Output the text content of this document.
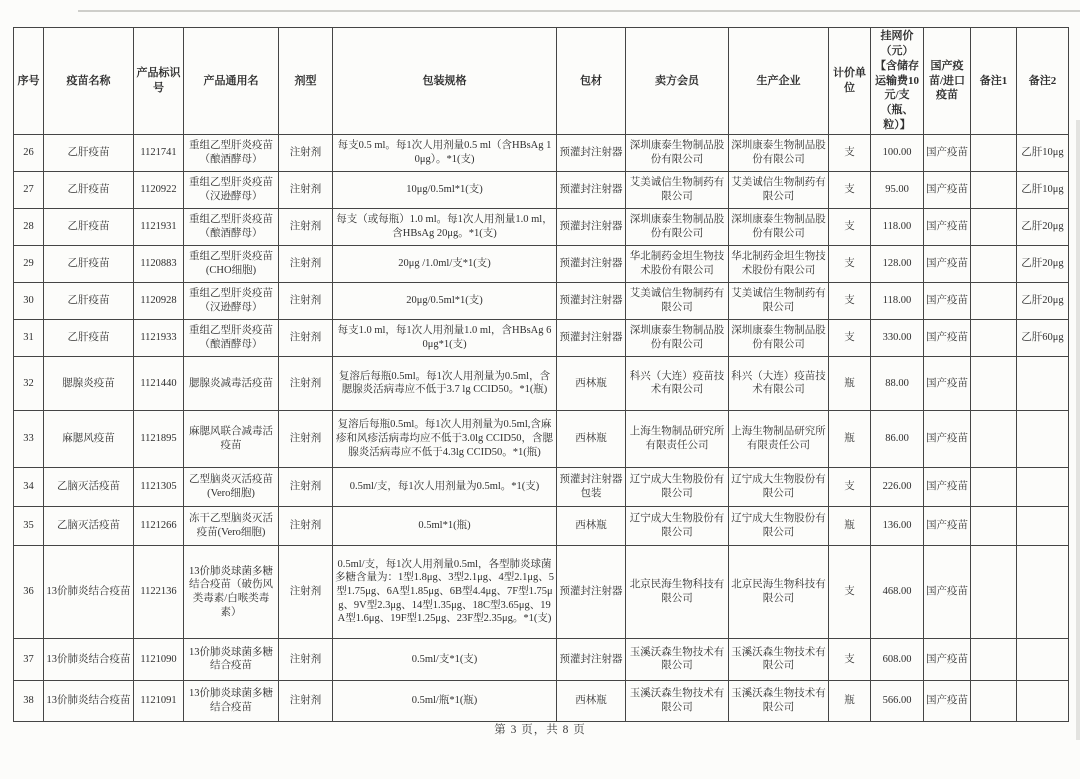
序号	疫苗名称	产品标识号	产品通用名	剂型	包装规格	包材	卖方会员	生产企业	计价单位	挂网价（元）【含储存运输费10元/支（瓶、粒）】	国产疫苗/进口疫苗	备注1	备注2
26	乙肝疫苗	1121741	重组乙型肝炎疫苗（酿酒酵母）	注射剂	每支0.5 ml。每1次人用剂量0.5 ml（含HBsAg 10μg）。*1(支)	预灌封注射器	深圳康泰生物制品股份有限公司	深圳康泰生物制品股份有限公司	支	100.00	国产疫苗		乙肝10μg
27	乙肝疫苗	1120922	重组乙型肝炎疫苗（汉逊酵母）	注射剂	10μg/0.5ml*1(支)	预灌封注射器	艾美诚信生物制药有限公司	艾美诚信生物制药有限公司	支	95.00	国产疫苗		乙肝10μg
28	乙肝疫苗	1121931	重组乙型肝炎疫苗（酿酒酵母）	注射剂	每支（或每瓶）1.0 ml。每1次人用剂量1.0 ml，含HBsAg 20μg。*1(支)	预灌封注射器	深圳康泰生物制品股份有限公司	深圳康泰生物制品股份有限公司	支	118.00	国产疫苗		乙肝20μg
29	乙肝疫苗	1120883	重组乙型肝炎疫苗(CHO细胞)	注射剂	20μg /1.0ml/支*1(支)	预灌封注射器	华北制药金坦生物技术股份有限公司	华北制药金坦生物技术股份有限公司	支	128.00	国产疫苗		乙肝20μg
30	乙肝疫苗	1120928	重组乙型肝炎疫苗（汉逊酵母）	注射剂	20μg/0.5ml*1(支)	预灌封注射器	艾美诚信生物制药有限公司	艾美诚信生物制药有限公司	支	118.00	国产疫苗		乙肝20μg
31	乙肝疫苗	1121933	重组乙型肝炎疫苗（酿酒酵母）	注射剂	每支1.0 ml，每1次人用剂量1.0 ml，含HBsAg 60μg*1(支)	预灌封注射器	深圳康泰生物制品股份有限公司	深圳康泰生物制品股份有限公司	支	330.00	国产疫苗		乙肝60μg
32	腮腺炎疫苗	1121440	腮腺炎减毒活疫苗	注射剂	复溶后每瓶0.5ml。每1次人用剂量为0.5ml，含腮腺炎活病毒应不低于3.7 lg CCID50。*1(瓶)	西林瓶	科兴（大连）疫苗技术有限公司	科兴（大连）疫苗技术有限公司	瓶	88.00	国产疫苗		
33	麻腮风疫苗	1121895	麻腮风联合减毒活疫苗	注射剂	复溶后每瓶0.5ml。每1次人用剂量为0.5ml,含麻疹和风疹活病毒均应不低于3.0lg CCID50，含腮腺炎活病毒应不低于4.3lg CCID50。*1(瓶)	西林瓶	上海生物制品研究所有限责任公司	上海生物制品研究所有限责任公司	瓶	86.00	国产疫苗		
34	乙脑灭活疫苗	1121305	乙型脑炎灭活疫苗(Vero细胞)	注射剂	0.5ml/支，每1次人用剂量为0.5ml。*1(支)	预灌封注射器包装	辽宁成大生物股份有限公司	辽宁成大生物股份有限公司	支	226.00	国产疫苗		
35	乙脑灭活疫苗	1121266	冻干乙型脑炎灭活疫苗(Vero细胞)	注射剂	0.5ml*1(瓶)	西林瓶	辽宁成大生物股份有限公司	辽宁成大生物股份有限公司	瓶	136.00	国产疫苗		
36	13价肺炎结合疫苗	1122136	13价肺炎球菌多糖结合疫苗（破伤风类毒素/白喉类毒素）	注射剂	0.5ml/支，每1次人用剂量0.5ml，各型肺炎球菌多糖含量为：1型1.8μg、3型2.1μg、4型2.1μg、5型1.75μg、6A型1.85μg、6B型4.4μg、7F型1.75μg、9V型2.3μg、14型1.35μg、18C型3.65μg、19A型1.6μg、19F型1.25μg、23F型2.35μg。*1(支)	预灌封注射器	北京民海生物科技有限公司	北京民海生物科技有限公司	支	468.00	国产疫苗		
37	13价肺炎结合疫苗	1121090	13价肺炎球菌多糖结合疫苗	注射剂	0.5ml/支*1(支)	预灌封注射器	玉溪沃森生物技术有限公司	玉溪沃森生物技术有限公司	支	608.00	国产疫苗		
38	13价肺炎结合疫苗	1121091	13价肺炎球菌多糖结合疫苗	注射剂	0.5ml/瓶*1(瓶)	西林瓶	玉溪沃森生物技术有限公司	玉溪沃森生物技术有限公司	瓶	566.00	国产疫苗		
第 3 页，共 8 页
